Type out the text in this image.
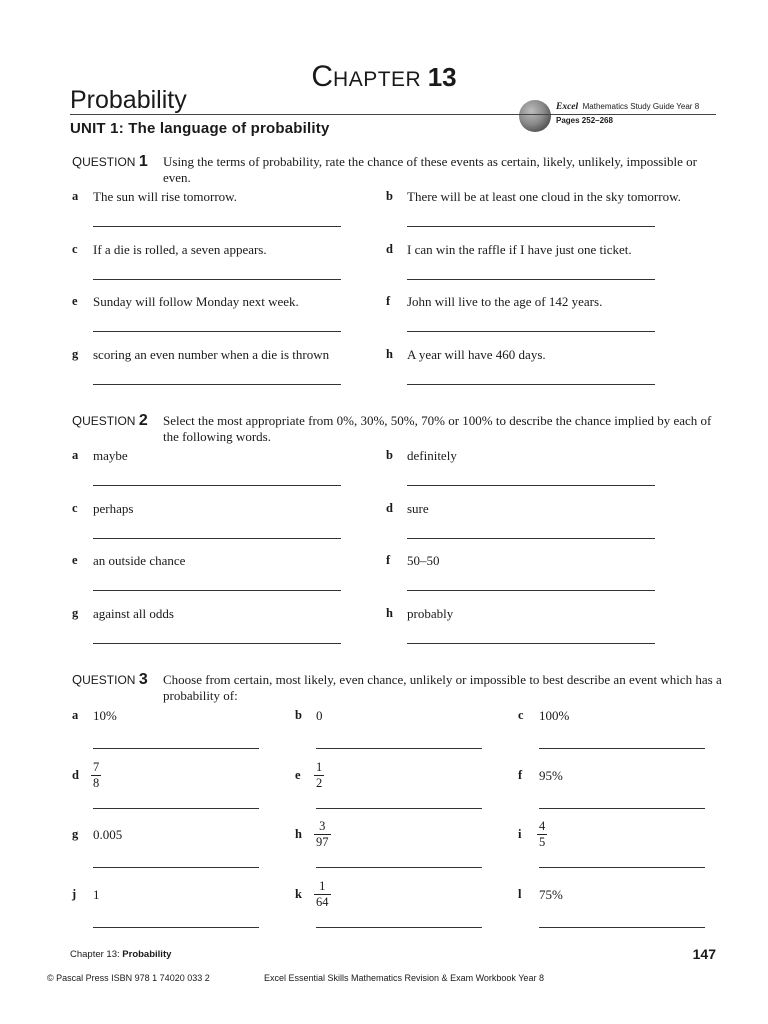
CHAPTER 13
Probability	Excel Mathematics Study Guide Year 8
Pages 252–268
UNIT 1: The language of probability
QUESTION 1 Using the terms of probability, rate the chance of these events as certain, likely, unlikely, impossible or even.
a	The sun will rise tomorrow.	b	There will be at least one cloud in the sky tomorrow.
c	If a die is rolled, a seven appears.	d	I can win the raffle if I have just one ticket.
e	Sunday will follow Monday next week.	f	John will live to the age of 142 years.
g	scoring an even number when a die is thrown	h	A year will have 460 days.
QUESTION 2 Select the most appropriate from 0%, 30%, 50%, 70% or 100% to describe the chance implied by each of the following words.
a	maybe	b	definitely
c	perhaps	d	sure
e	an outside chance	f	50–50
g	against all odds	h	probably
QUESTION 3 Choose from certain, most likely, even chance, unlikely or impossible to best describe an event which has a probability of:
a	10%	b	0	c	100%
d $\frac{7}{8}$	e	$\frac{1}{2}$	f	95%
g	0.005	h $\frac{3}{97}$	i	$\frac{4}{5}$
j	1	k $\frac{1}{64}$	l	75%
Chapter 13: Probability	147
© Pascal Press ISBN 978 1 74020 033 2	Excel Essential Skills Mathematics Revision & Exam Workbook Year 8
